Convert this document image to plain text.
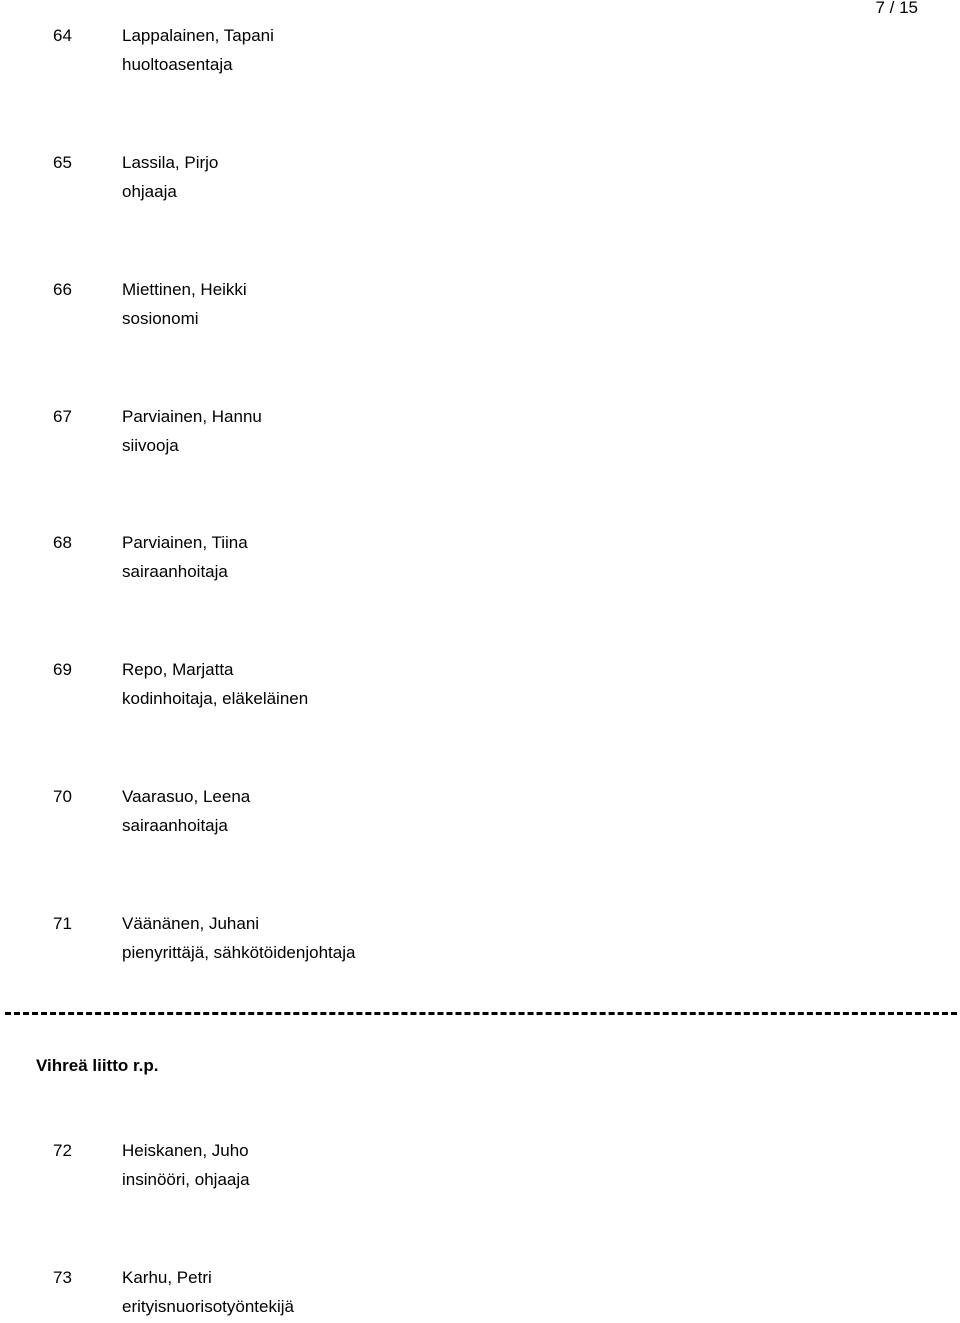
7 / 15
64	Lappalainen, Tapani
huoltoasentaja
65	Lassila, Pirjo
ohjaaja
66	Miettinen, Heikki
sosionomi
67	Parviainen, Hannu
siivooja
68	Parviainen, Tiina
sairaanhoitaja
69	Repo, Marjatta
kodinhoitaja, eläkeläinen
70	Vaarasuo, Leena
sairaanhoitaja
71	Väänänen, Juhani
pienyrittäjä, sähkötöidenjohtaja
Vihreä liitto r.p.
72	Heiskanen, Juho
insinööri, ohjaaja
73	Karhu, Petri
erityisnuorisotyöntekijä
